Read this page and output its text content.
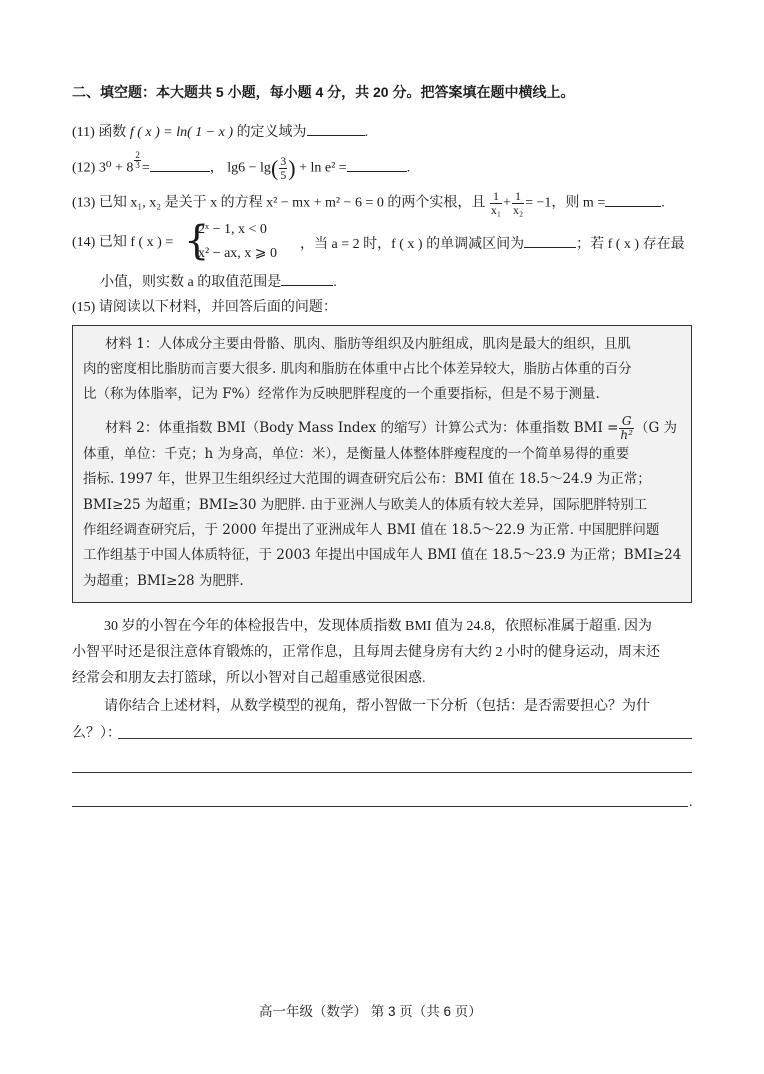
二、填空题：本大题共 5 小题，每小题 4 分，共 20 分。把答案填在题中横线上。
(11) 函数 f ( x ) = ln( 1 − x ) 的定义域为	.
(12) 3⁰ + 8 $^{\frac{2}{3}}$ =	， $\lg 6 - \lg( \frac{3}{5}$ ) + ln e² =	.
(13) 已知 x₁, x₂ 是关于 x 的方程 x² − mx + m² − 6 = 0 的两个实根，且 $\frac{1}{\text{x₁}} + \frac{1}{\text{x₂}} = -1$，则 m =	.
(14) 已知 f ( x ) = {
2ˣ − 1, x < 0
x² − ax, x ⩾ 0
，当 a = 2 时，f ( x ) 的单调减区间为	；若 f ( x ) 存在最
小值，则实数 a 的取值范围是	.
(15) 请阅读以下材料，并回答后面的问题：
材料 1：人体成分主要由骨骼、肌肉、脂肪等组织及内脏组成，肌肉是最大的组织，且肌
肉的密度相比脂肪而言要大很多. 肌肉和脂肪在体重中占比个体差异较大，脂肪占体重的百分
比（称为体脂率，记为 F%）经常作为反映肥胖程度的一个重要指标，但是不易于测量.
材料 2：体重指数 BMI（Body Mass Index 的缩写）计算公式为：体重指数 BMI = $\frac{G}{\text{h²}} (G$ 为
体重，单位：千克；h 为身高，单位：米），是衡量人体整体胖瘦程度的一个简单易得的重要
指标. 1997 年，世界卫生组织经过大范围的调查研究后公布：BMI 值在 18.5～24.9 为正常；
BMI≥25 为超重；BMI≥30 为肥胖. 由于亚洲人与欧美人的体质有较大差异，国际肥胖特别工
作组经调查研究后，于 2000 年提出了亚洲成年人 BMI 值在 18.5～22.9 为正常. 中国肥胖问题
工作组基于中国人体质特征，于 2003 年提出中国成年人 BMI 值在 18.5～23.9 为正常；BMI≥24
为超重；BMI≥28 为肥胖.
30 岁的小智在今年的体检报告中，发现体质指数 BMI 值为 24.8，依照标准属于超重. 因为
小智平时还是很注意体育锻炼的，正常作息，且每周去健身房有大约 2 小时的健身运动，周末还
经常会和朋友去打篮球，所以小智对自己超重感觉很困惑.
请你结合上述材料，从数学模型的视角，帮小智做一下分析（包括：是否需要担心？为什
么？）：
.
高一年级（数学） 第 3 页（共 6 页）
